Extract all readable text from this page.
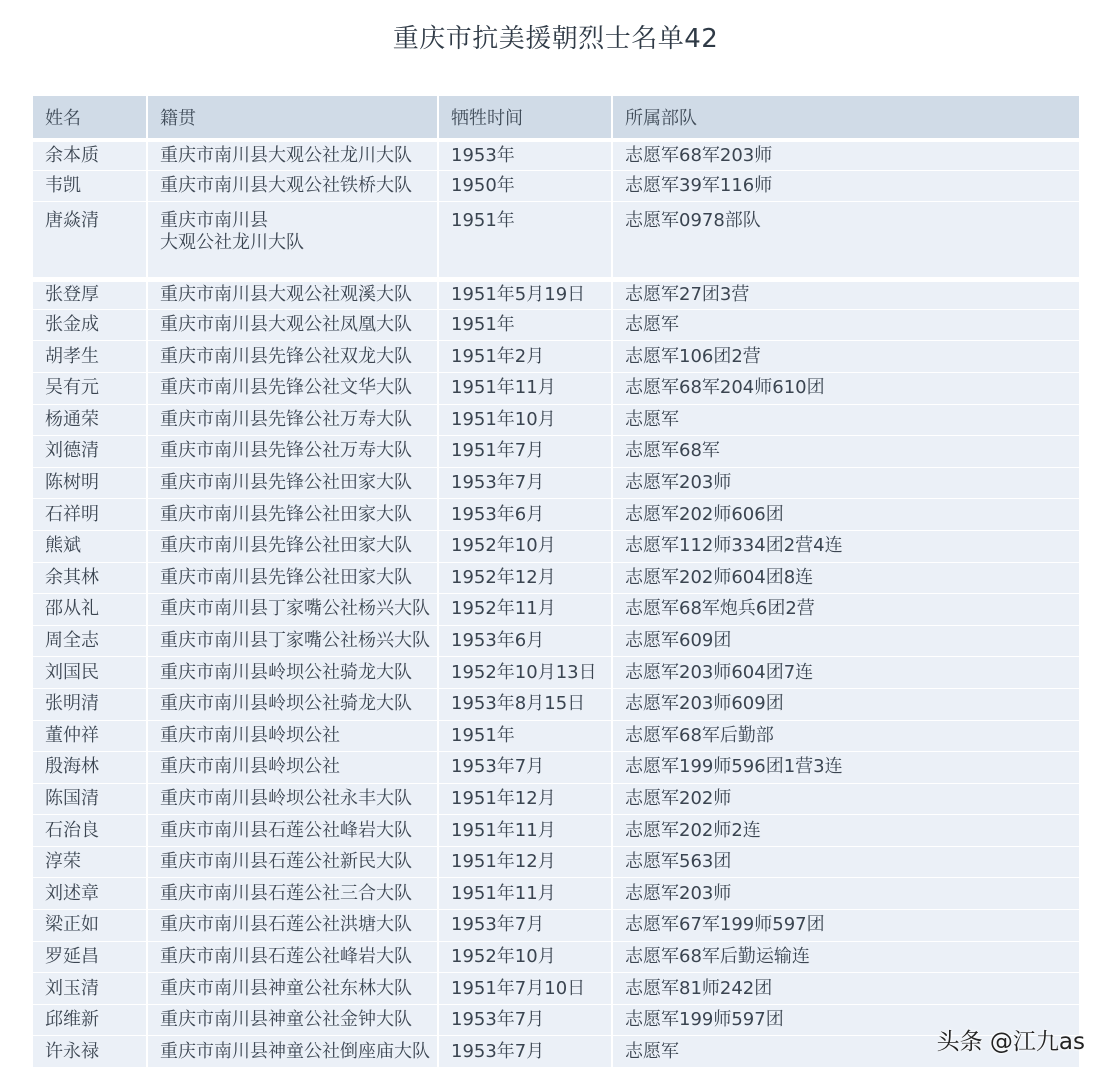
重庆市抗美援朝烈士名单42
姓名	籍贯	牺牲时间	所属部队
余本质	重庆市南川县大观公社龙川大队	1953年	志愿军68军203师
韦凯	重庆市南川县大观公社铁桥大队	1950年	志愿军39军116师
唐焱清	重庆市南川县
大观公社龙川大队	1951年	志愿军0978部队
张登厚	重庆市南川县大观公社观溪大队	1951年5月19日	志愿军27团3营
张金成	重庆市南川县大观公社凤凰大队	1951年	志愿军
胡孝生	重庆市南川县先锋公社双龙大队	1951年2月	志愿军106团2营
吴有元	重庆市南川县先锋公社文华大队	1951年11月	志愿军68军204师610团
杨通荣	重庆市南川县先锋公社万寿大队	1951年10月	志愿军
刘德清	重庆市南川县先锋公社万寿大队	1951年7月	志愿军68军
陈树明	重庆市南川县先锋公社田家大队	1953年7月	志愿军203师
石祥明	重庆市南川县先锋公社田家大队	1953年6月	志愿军202师606团
熊斌	重庆市南川县先锋公社田家大队	1952年10月	志愿军112师334团2营4连
余其林	重庆市南川县先锋公社田家大队	1952年12月	志愿军202师604团8连
邵从礼	重庆市南川县丁家嘴公社杨兴大队	1952年11月	志愿军68军炮兵6团2营
周全志	重庆市南川县丁家嘴公社杨兴大队	1953年6月	志愿军609团
刘国民	重庆市南川县岭坝公社骑龙大队	1952年10月13日	志愿军203师604团7连
张明清	重庆市南川县岭坝公社骑龙大队	1953年8月15日	志愿军203师609团
董仲祥	重庆市南川县岭坝公社	1951年	志愿军68军后勤部
殷海林	重庆市南川县岭坝公社	1953年7月	志愿军199师596团1营3连
陈国清	重庆市南川县岭坝公社永丰大队	1951年12月	志愿军202师
石治良	重庆市南川县石莲公社峰岩大队	1951年11月	志愿军202师2连
淳荣	重庆市南川县石莲公社新民大队	1951年12月	志愿军563团
刘述章	重庆市南川县石莲公社三合大队	1951年11月	志愿军203师
梁正如	重庆市南川县石莲公社洪塘大队	1953年7月	志愿军67军199师597团
罗延昌	重庆市南川县石莲公社峰岩大队	1952年10月	志愿军68军后勤运输连
刘玉清	重庆市南川县神童公社东林大队	1951年7月10日	志愿军81师242团
邱维新	重庆市南川县神童公社金钟大队	1953年7月	志愿军199师597团
许永禄	重庆市南川县神童公社倒座庙大队	1953年7月	志愿军	头条 @江九as
